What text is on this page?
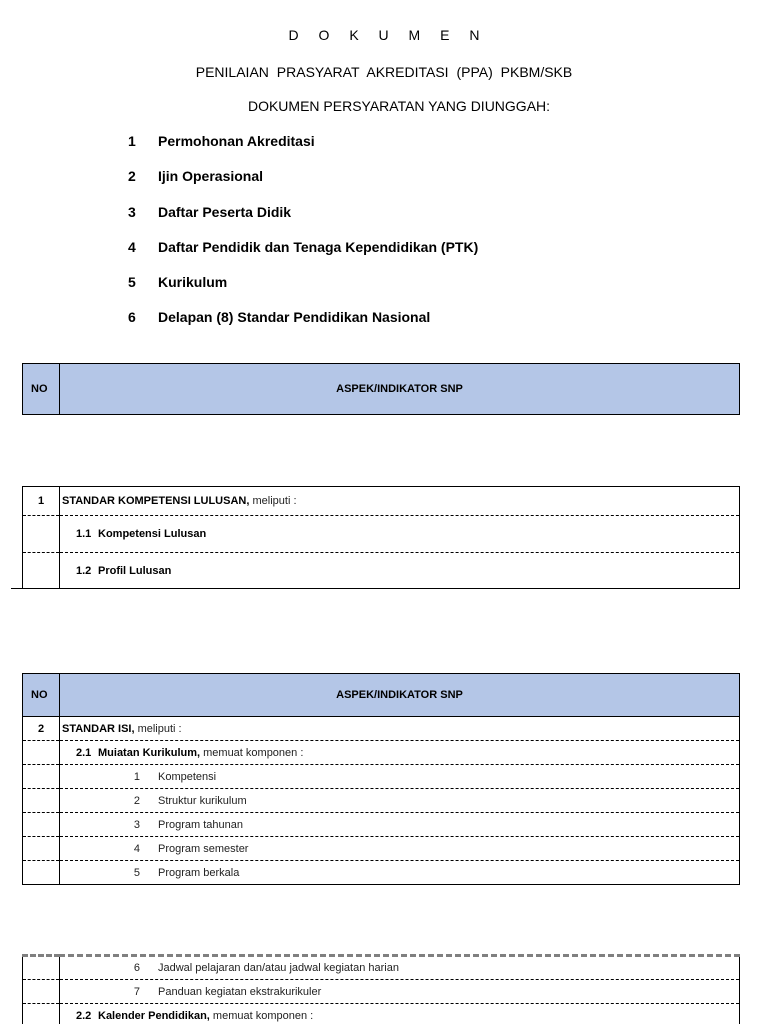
D O K U M E N
PENILAIAN PRASYARAT AKREDITASI (PPA) PKBM/SKB
DOKUMEN PERSYARATAN YANG DIUNGGAH:
1	Permohonan Akreditasi
2	Ijin Operasional
3	Daftar Peserta Didik
4	Daftar Pendidik dan Tenaga Kependidikan (PTK)
5	Kurikulum
6	Delapan (8) Standar Pendidikan Nasional
NO	ASPEK/INDIKATOR SNP
1	STANDAR KOMPETENSI LULUSAN, meliputi :
	1.1 Kompetensi Lulusan
	1.2 Profil Lulusan
NO	ASPEK/INDIKATOR SNP
2	STANDAR ISI, meliputi :
	2.1 Muiatan Kurikulum, memuat komponen :
	1 Kompetensi
	2 Struktur kurikulum
	3 Program tahunan
	4 Program semester
	5 Program berkala
	6 Jadwal pelajaran dan/atau jadwal kegiatan harian
	7 Panduan kegiatan ekstrakurikuler
	2.2 Kalender Pendidikan, memuat komponen :
